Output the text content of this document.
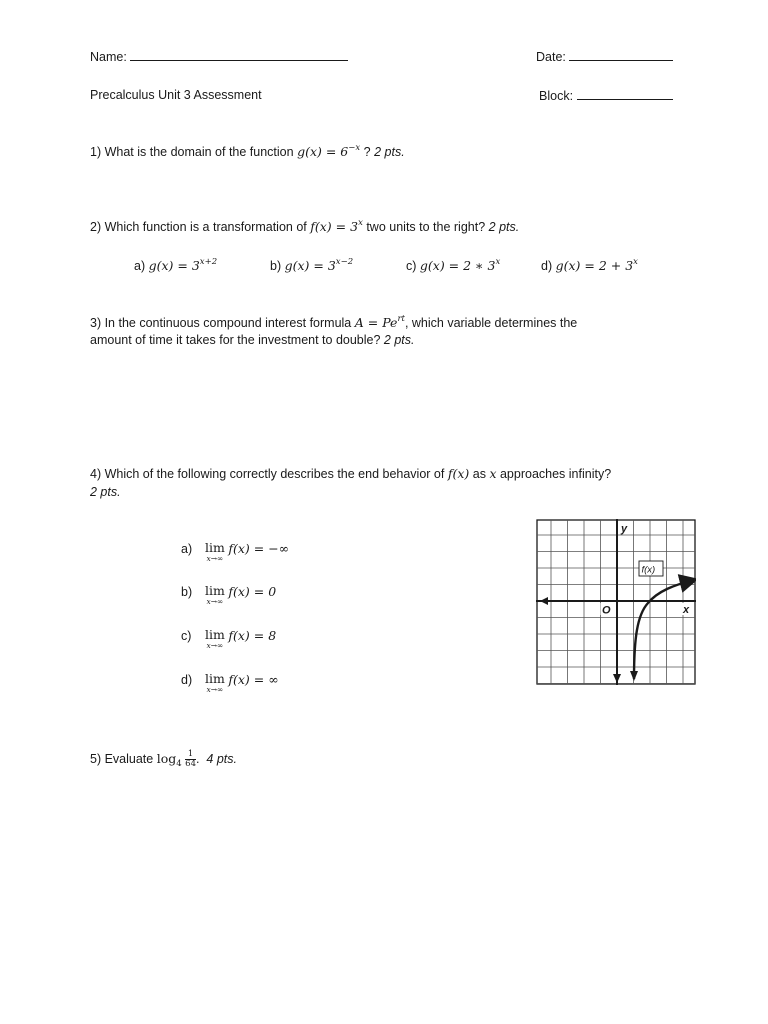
Name:	Date:
Precalculus Unit 3 Assessment	Block:
1) What is the domain of the function $g(x) = 6^{-x}$ ? 2 pts.
2) Which function is a transformation of $f(x) = 3^x$ two units to the right? 2 pts.
a) $g(x) = 3^{x+2}$	b) $g(x) = 3^{x-2}$	c) g(x) = 2 ∗ 3$^x$	d) $g(x) = 2 + 3^x$
3) In the continuous compound interest formula $A = Pe^{rt}$, which variable determines the
amount of time it takes for the investment to double? 2 pts.
4) Which of the following correctly describes the end behavior of f(x) as x approaches infinity?
2 pts.
a) lim
x→∞
f(x) = −∞
b) lim
x→∞
f(x) = 0
c) lim
x→∞
f(x) = 8
d) lim
x→∞
f(x) = ∞
f(x)
y
x
O
5) Evaluate $\log_4 \frac{1}{64}$ . 4 pts.
